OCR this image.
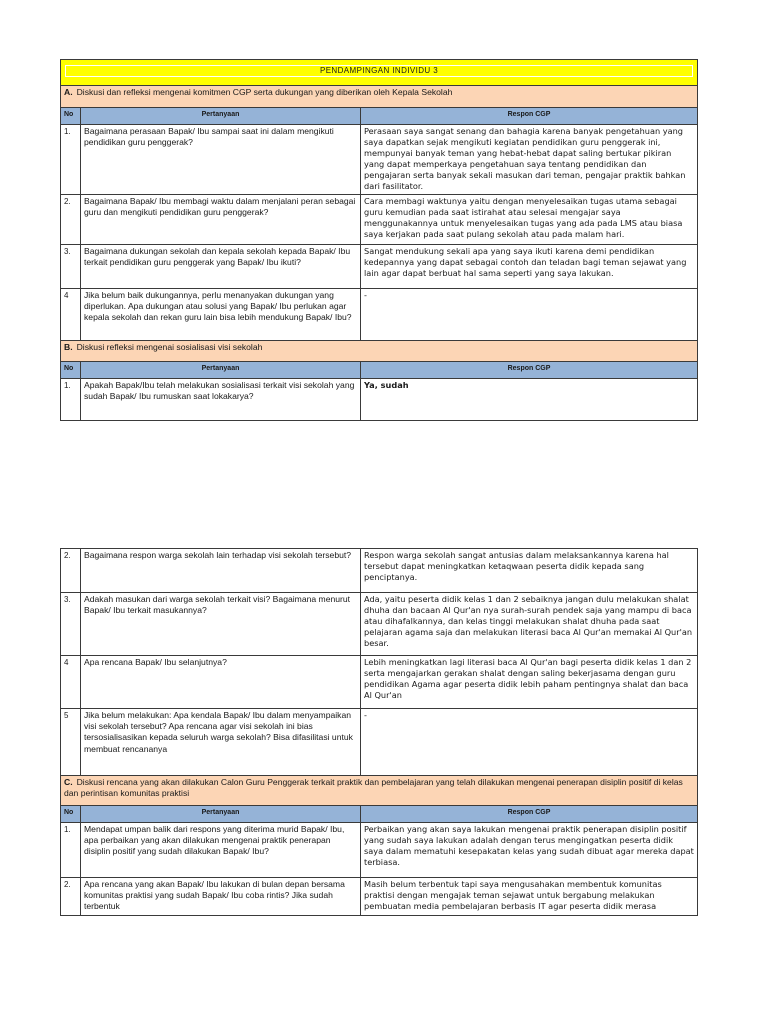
PENDAMPINGAN INDIVIDU 3		

A. Diskusi dan refleksi mengenai komitmen CGP serta dukungan yang diberikan oleh Kepala Sekolah		
No	Pertanyaan	Respon CGP
1.	Bagaimana perasaan Bapak/ Ibu sampai saat ini dalam mengikuti pendidikan guru penggerak?	Perasaan saya sangat senang dan bahagia karena banyak pengetahuan yang saya dapatkan sejak mengikuti kegiatan pendidikan guru penggerak ini, mempunyai banyak teman yang hebat-hebat dapat saling bertukar pikiran yang dapat memperkaya pengetahuan saya tentang pendidikan dan pengajaran serta banyak sekali masukan dari teman, pengajar praktik bahkan dari fasilitator.
2.	Bagaimana Bapak/ Ibu membagi waktu dalam menjalani peran sebagai guru dan mengikuti pendidikan guru penggerak?	Cara membagi waktunya yaitu dengan menyelesaikan tugas utama sebagai guru kemudian pada saat istirahat atau selesai mengajar saya menggunakannya untuk menyelesaikan tugas yang ada pada LMS atau biasa saya kerjakan pada saat pulang sekolah atau pada malam hari.
3.	Bagaimana dukungan sekolah dan kepala sekolah kepada Bapak/ Ibu terkait pendidikan guru penggerak yang Bapak/ Ibu ikuti?	Sangat mendukung sekali apa yang saya ikuti karena demi pendidikan kedepannya yang dapat sebagai contoh dan teladan bagi teman sejawat yang lain agar dapat berbuat hal sama seperti yang saya lakukan.
4	Jika belum baik dukungannya, perlu menanyakan dukungan yang diperlukan. Apa dukungan atau solusi yang Bapak/ Ibu perlukan agar kepala sekolah dan rekan guru lain bisa lebih mendukung Bapak/ Ibu?	-
B. Diskusi refleksi mengenai sosialisasi visi sekolah		
No	Pertanyaan	Respon CGP
1.	Apakah Bapak/Ibu telah melakukan sosialisasi terkait visi sekolah yang sudah Bapak/ Ibu rumuskan saat lokakarya?	Ya, sudah
2.	Bagaimana respon warga sekolah lain terhadap visi sekolah tersebut?	Respon warga sekolah sangat antusias dalam melaksankannya karena hal tersebut dapat meningkatkan ketaqwaan peserta didik kepada sang penciptanya.
3.	Adakah masukan dari warga sekolah terkait visi? Bagaimana menurut Bapak/ Ibu terkait masukannya?	Ada, yaitu peserta didik kelas 1 dan 2 sebaiknya jangan dulu melakukan shalat dhuha dan bacaan Al Qur'an nya surah-surah pendek saja yang mampu di baca atau dihafalkannya, dan kelas tinggi melakukan shalat dhuha pada saat pelajaran agama saja dan melakukan literasi baca Al Qur'an memakai Al Qur'an besar.
4	Apa rencana Bapak/ Ibu selanjutnya?	Lebih meningkatkan lagi literasi baca Al Qur'an bagi peserta didik kelas 1 dan 2 serta mengajarkan gerakan shalat dengan saling bekerjasama dengan guru pendidikan Agama agar peserta didik lebih paham pentingnya shalat dan baca Al Qur'an
5	Jika belum melakukan: Apa kendala Bapak/ Ibu dalam menyampaikan visi sekolah tersebut? Apa rencana agar visi sekolah ini bias tersosialisasikan kepada seluruh warga sekolah? Bisa difasilitasi untuk membuat rencananya	-
C. Diskusi rencana yang akan dilakukan Calon Guru Penggerak terkait praktik dan pembelajaran yang telah dilakukan mengenai penerapan disiplin positif di kelas dan perintisan komunitas praktisi		
No	Pertanyaan	Respon CGP
1.	Mendapat umpan balik dari respons yang diterima murid Bapak/ Ibu, apa perbaikan yang akan dilakukan mengenai praktik penerapan disiplin positif yang sudah dilakukan Bapak/ Ibu?	Perbaikan yang akan saya lakukan mengenai praktik penerapan disiplin positif yang sudah saya lakukan adalah dengan terus mengingatkan peserta didik saya dalam mematuhi kesepakatan kelas yang sudah dibuat agar mereka dapat terbiasa.
2.	Apa rencana yang akan Bapak/ Ibu lakukan di bulan depan bersama komunitas praktisi yang sudah Bapak/ Ibu coba rintis? Jika sudah terbentuk	Masih belum terbentuk tapi saya mengusahakan membentuk komunitas praktisi dengan mengajak teman sejawat untuk bergabung melakukan pembuatan media pembelajaran berbasis IT agar peserta didik merasa
